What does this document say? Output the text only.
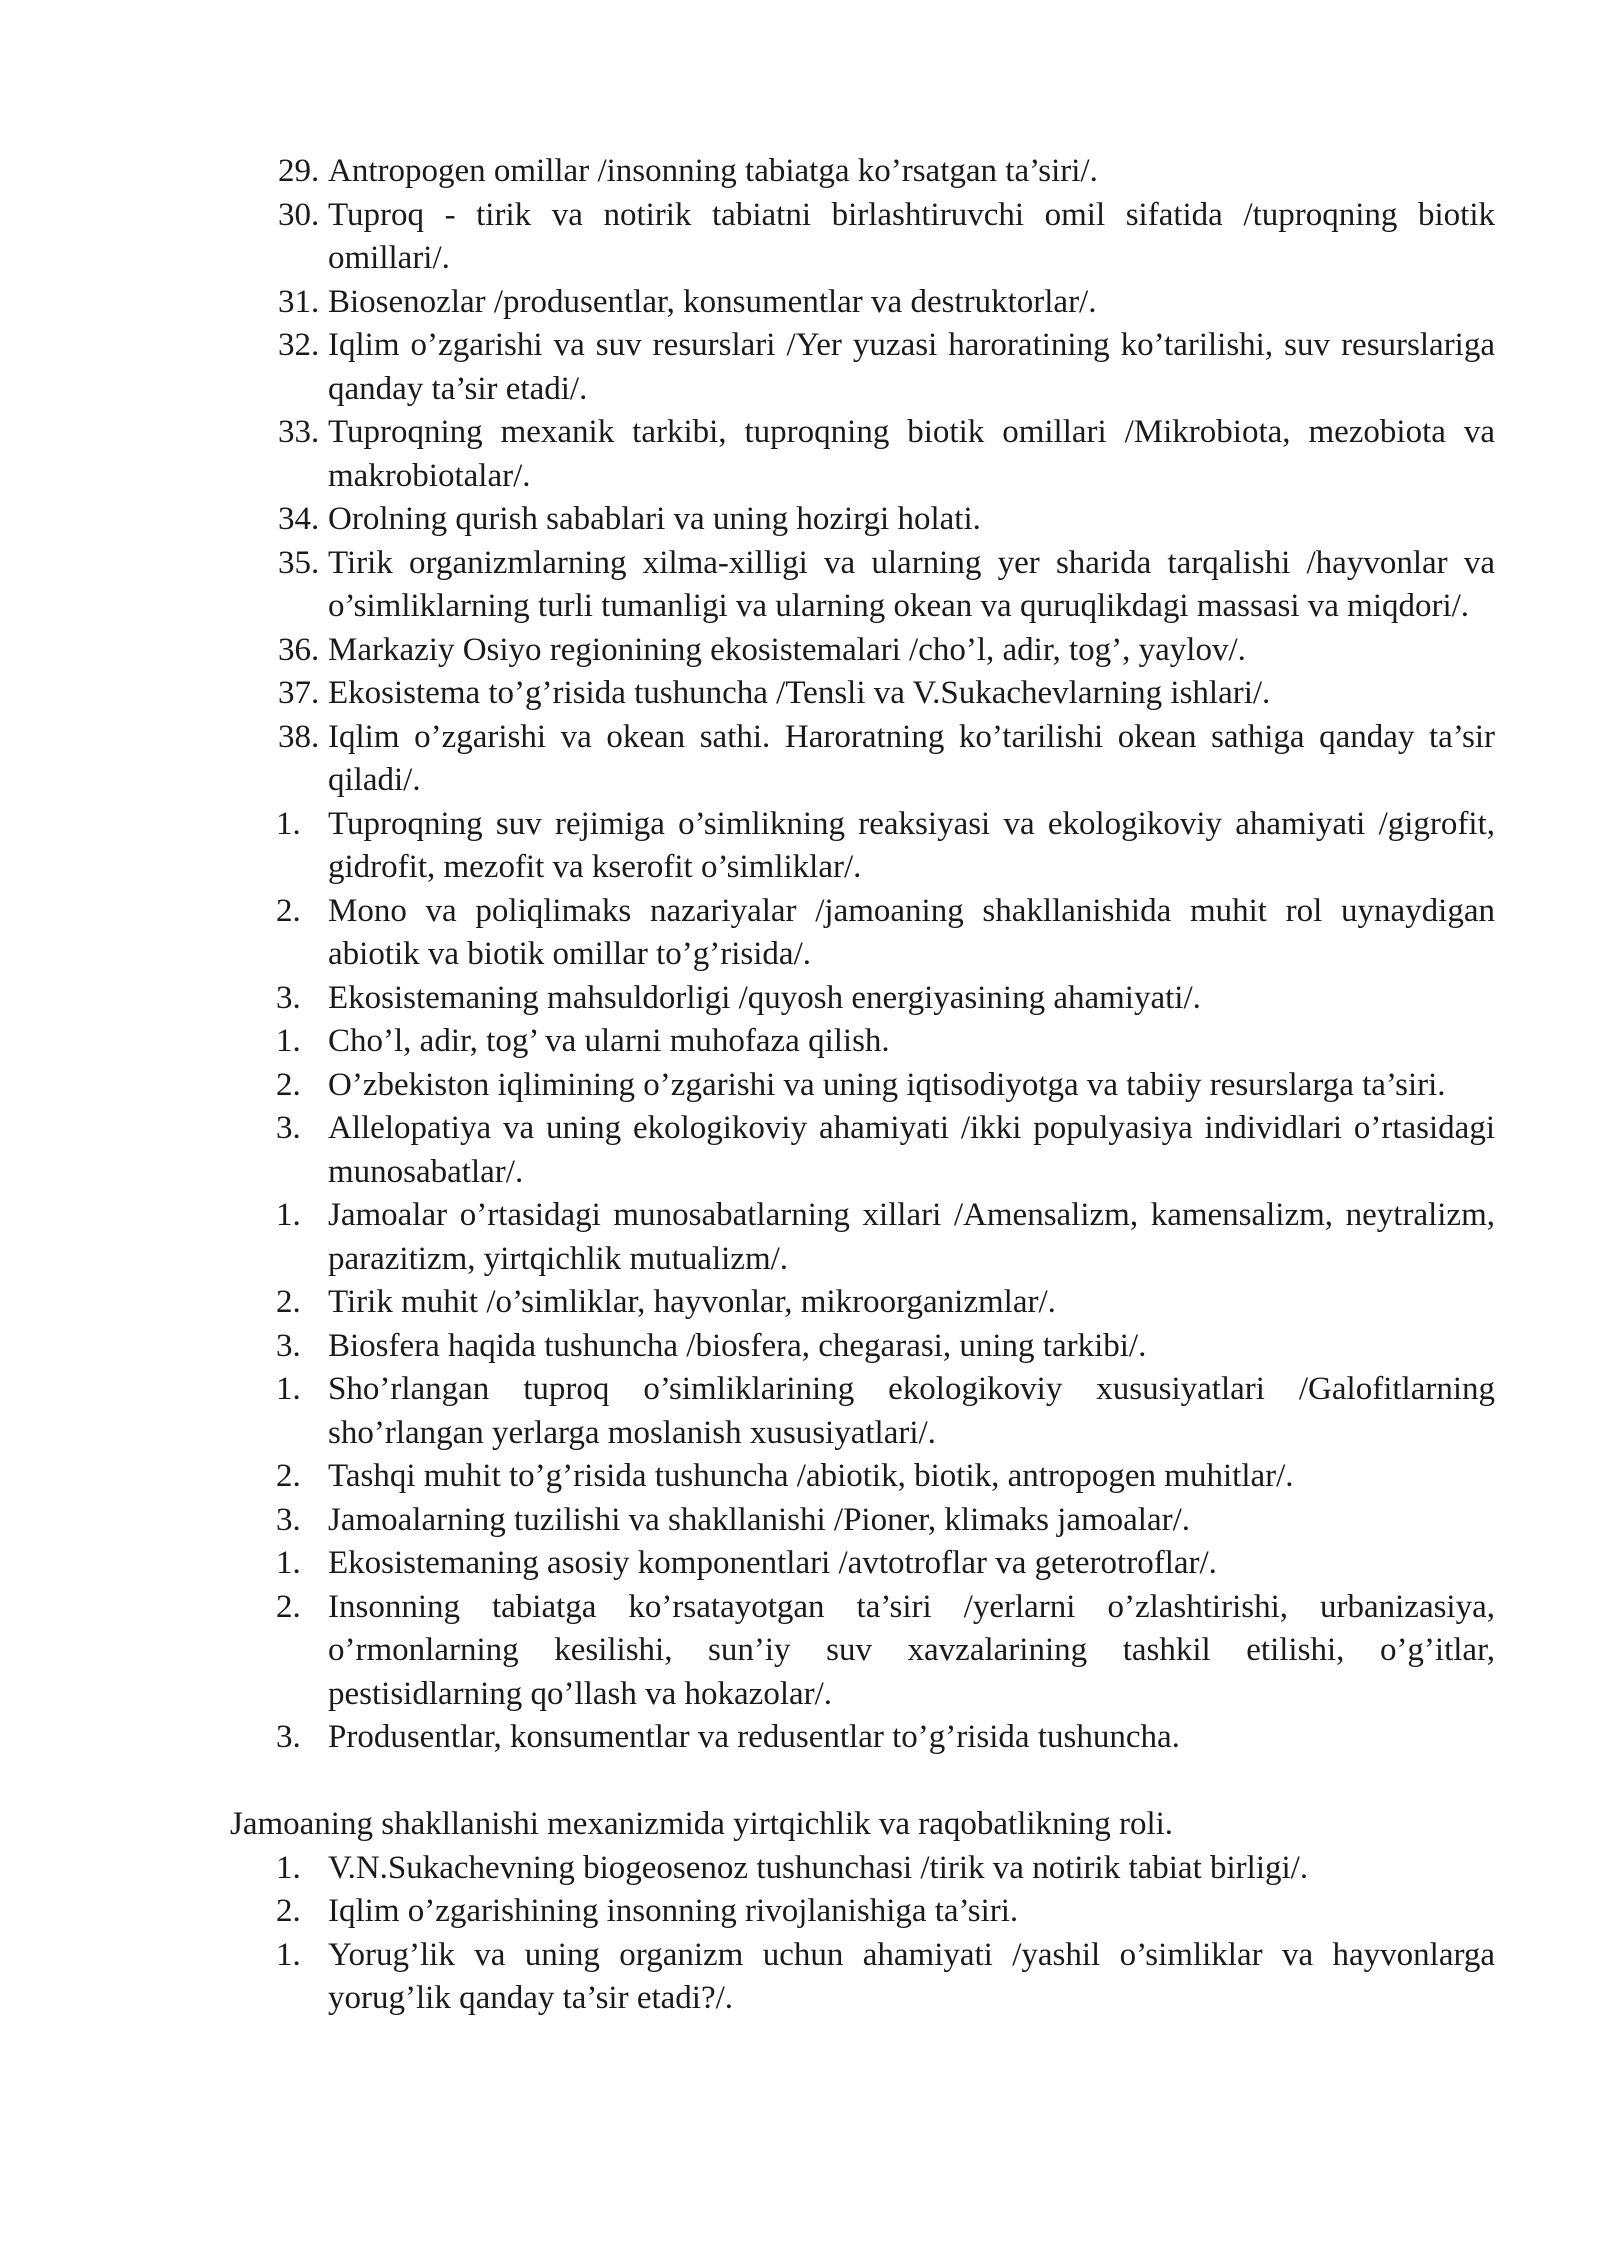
29. Antropogen omillar /insonning tabiatga ko’rsatgan ta’siri/.

30. Tuproq - tirik va notirik tabiatni birlashtiruvchi omil sifatida /tuproqning biotik omillari/.

31. Biosenozlar /produsentlar, konsumentlar va destruktorlar/.

32. Iqlim o’zgarishi va suv resurslari /Yer yuzasi haroratining ko’tarilishi, suv resurslariga qanday ta’sir etadi/.

33. Tuproqning mexanik tarkibi, tuproqning biotik omillari /Mikrobiota, mezobiota va makrobiotalar/.

34. Orolning qurish sabablari va uning hozirgi holati.

35. Tirik organizmlarning xilma-xilligi va ularning yer sharida tarqalishi /hayvonlar va o’simliklarning turli tumanligi va ularning okean va quruqlikdagi massasi va miqdori/.

36. Markaziy Osiyo regionining ekosistemalari /cho’l, adir, tog’, yaylov/.

37. Ekosistema to’g’risida tushuncha /Tensli va V.Sukachevlarning ishlari/.

38. Iqlim o’zgarishi va okean sathi. Haroratning ko’tarilishi okean sathiga qanday ta’sir qiladi/.

1. Tuproqning suv rejimiga o’simlikning reaksiyasi va ekologikoviy ahamiyati /gigrofit, gidrofit, mezofit va kserofit o’simliklar/.

2. Mono va poliqlimaks nazariyalar /jamoaning shakllanishida muhit rol uynaydigan abiotik va biotik omillar to’g’risida/.

3. Ekosistemaning mahsuldorligi /quyosh energiyasining ahamiyati/.

1. Cho’l, adir, tog’ va ularni muhofaza qilish.

2. O’zbekiston iqlimining o’zgarishi va uning iqtisodiyotga va tabiiy resurslarga ta’siri.

3. Allelopatiya va uning ekologikoviy ahamiyati /ikki populyasiya individlari o’rtasidagi munosabatlar/.

1. Jamoalar o’rtasidagi munosabatlarning xillari /Amensalizm, kamensalizm, neytralizm, parazitizm, yirtqichlik mutualizm/.

2. Tirik muhit /o’simliklar, hayvonlar, mikroorganizmlar/.

3. Biosfera haqida tushuncha /biosfera, chegarasi, uning tarkibi/.

1. Sho’rlangan tuproq o’simliklarining ekologikoviy xususiyatlari /Galofitlarning sho’rlangan yerlarga moslanish xususiyatlari/.

2. Tashqi muhit to’g’risida tushuncha /abiotik, biotik, antropogen muhitlar/.

3. Jamoalarning tuzilishi va shakllanishi /Pioner, klimaks jamoalar/.

1. Ekosistemaning asosiy komponentlari /avtotroflar va geterotroflar/.

2. Insonning tabiatga ko’rsatayotgan ta’siri /yerlarni o’zlashtirishi, urbanizasiya, o’rmonlarning kesilishi, sun’iy suv xavzalarining tashkil etilishi, o’g’itlar, pestisidlarning qo’llash va hokazolar/.

3. Produsentlar, konsumentlar va redusentlar to’g’risida tushuncha.

Jamoaning shakllanishi mexanizmida yirtqichlik va raqobatlikning roli.

1. V.N.Sukachevning biogeosenoz tushunchasi /tirik va notirik tabiat birligi/.

2. Iqlim o’zgarishining insonning rivojlanishiga ta’siri.

1. Yorug’lik va uning organizm uchun ahamiyati /yashil o’simliklar va hayvonlarga yorug’lik qanday ta’sir etadi?/.
